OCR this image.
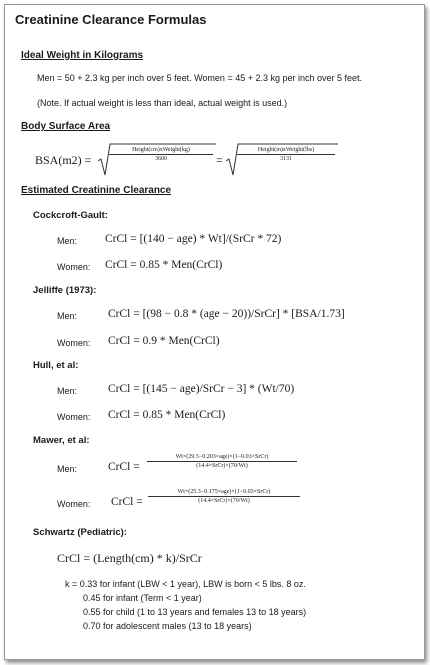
Creatinine Clearance Formulas
Ideal Weight in Kilograms
Men = 50 + 2.3 kg per inch over 5 feet. Women = 45 + 2.3 kg per inch over 5 feet.
(Note. If actual weight is less than ideal, actual weight is used.)
Body Surface Area
BSA(m2) =
Height(cm)xWeight(kg)
3600	=
Height(in)xWeight(lbs)
3131
Estimated Creatinine Clearance
Cockcroft-Gault:
Men: CrCl = [(140 − age) * Wt]/(SrCr * 72)
Women: CrCl = 0.85 * Men(CrCl)
Jelliffe (1973):
Men:	CrCl = [(98 − 0.8 * (age − 20))/SrCr] * [BSA/1.73]
Women: CrCl = 0.9 * Men(CrCl)
Hull, et al:
Men:	CrCl = [(145 − age)/SrCr − 3] * (Wt/70)
Women: CrCl = 0.85 * Men(CrCl)
Mawer, et al:
Men:	CrCl =
Wt×(29.3−0.203×age)×(1−0.03×SrCr)
(14.4×SrCr)×(70/Wt)
Women: CrCl =
Wt×(25.3−0.175×age)×(1−0.03×SrCr)
(14.4×SrCr)×(70/Wt)
Schwartz (Pediatric):
CrCl = (Length(cm) * k)/SrCr
k = 0.33 for infant (LBW < 1 year), LBW is born < 5 lbs. 8 oz.
0.45 for infant (Term < 1 year)
0.55 for child (1 to 13 years and females 13 to 18 years)
0.70 for adolescent males (13 to 18 years)
